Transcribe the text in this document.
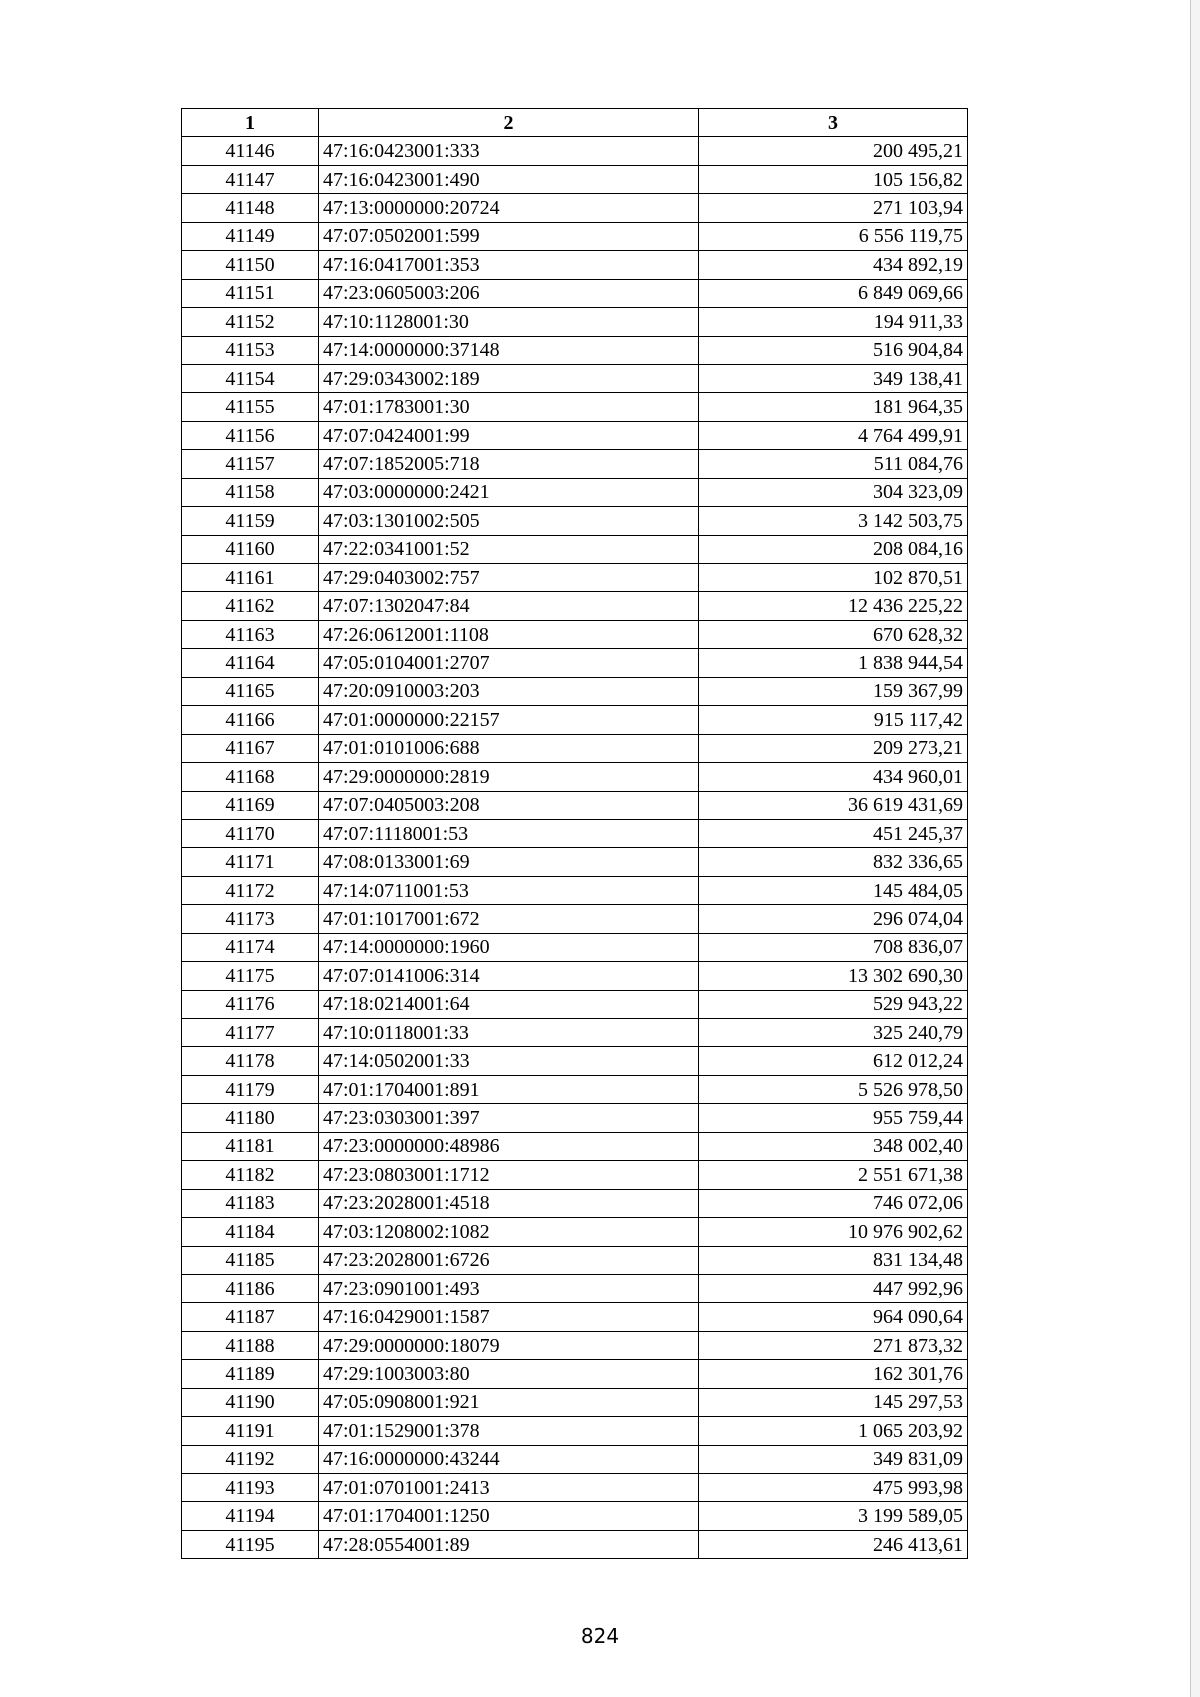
1	2	3
41146	47:16:0423001:333	200 495,21
41147	47:16:0423001:490	105 156,82
41148	47:13:0000000:20724	271 103,94
41149	47:07:0502001:599	6 556 119,75
41150	47:16:0417001:353	434 892,19
41151	47:23:0605003:206	6 849 069,66
41152	47:10:1128001:30	194 911,33
41153	47:14:0000000:37148	516 904,84
41154	47:29:0343002:189	349 138,41
41155	47:01:1783001:30	181 964,35
41156	47:07:0424001:99	4 764 499,91
41157	47:07:1852005:718	511 084,76
41158	47:03:0000000:2421	304 323,09
41159	47:03:1301002:505	3 142 503,75
41160	47:22:0341001:52	208 084,16
41161	47:29:0403002:757	102 870,51
41162	47:07:1302047:84	12 436 225,22
41163	47:26:0612001:1108	670 628,32
41164	47:05:0104001:2707	1 838 944,54
41165	47:20:0910003:203	159 367,99
41166	47:01:0000000:22157	915 117,42
41167	47:01:0101006:688	209 273,21
41168	47:29:0000000:2819	434 960,01
41169	47:07:0405003:208	36 619 431,69
41170	47:07:1118001:53	451 245,37
41171	47:08:0133001:69	832 336,65
41172	47:14:0711001:53	145 484,05
41173	47:01:1017001:672	296 074,04
41174	47:14:0000000:1960	708 836,07
41175	47:07:0141006:314	13 302 690,30
41176	47:18:0214001:64	529 943,22
41177	47:10:0118001:33	325 240,79
41178	47:14:0502001:33	612 012,24
41179	47:01:1704001:891	5 526 978,50
41180	47:23:0303001:397	955 759,44
41181	47:23:0000000:48986	348 002,40
41182	47:23:0803001:1712	2 551 671,38
41183	47:23:2028001:4518	746 072,06
41184	47:03:1208002:1082	10 976 902,62
41185	47:23:2028001:6726	831 134,48
41186	47:23:0901001:493	447 992,96
41187	47:16:0429001:1587	964 090,64
41188	47:29:0000000:18079	271 873,32
41189	47:29:1003003:80	162 301,76
41190	47:05:0908001:921	145 297,53
41191	47:01:1529001:378	1 065 203,92
41192	47:16:0000000:43244	349 831,09
41193	47:01:0701001:2413	475 993,98
41194	47:01:1704001:1250	3 199 589,05
41195	47:28:0554001:89	246 413,61
824
